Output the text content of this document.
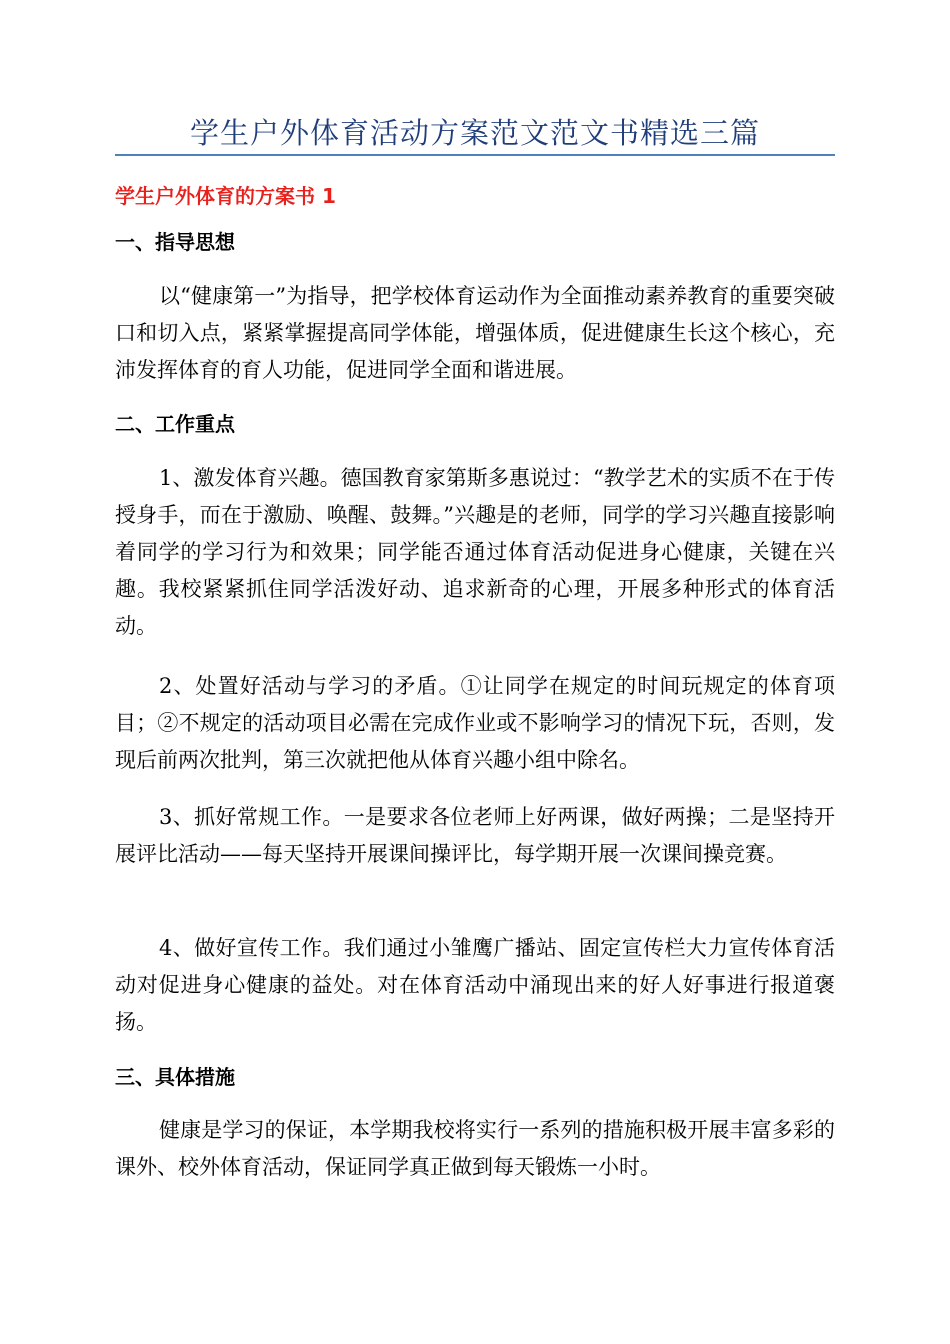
学生户外体育活动方案范文范文书精选三篇
学生户外体育的方案书 1
一、指导思想

以“健康第一”为指导，把学校体育运动作为全面推动素养教育的重要突破口和切入点，紧紧掌握提高同学体能，增强体质，促进健康生长这个核心，充沛发挥体育的育人功能，促进同学全面和谐进展。

二、工作重点

1、激发体育兴趣。德国教育家第斯多惠说过：“教学艺术的实质不在于传授身手，而在于激励、唤醒、鼓舞。”兴趣是的老师，同学的学习兴趣直接影响着同学的学习行为和效果；同学能否通过体育活动促进身心健康，关键在兴趣。我校紧紧抓住同学活泼好动、追求新奇的心理，开展多种形式的体育活动。

2、处置好活动与学习的矛盾。①让同学在规定的时间玩规定的体育项目；②不规定的活动项目必需在完成作业或不影响学习的情况下玩，否则，发现后前两次批判，第三次就把他从体育兴趣小组中除名。

3、抓好常规工作。一是要求各位老师上好两课，做好两操；二是坚持开展评比活动——每天坚持开展课间操评比，每学期开展一次课间操竞赛。

4、做好宣传工作。我们通过小雏鹰广播站、固定宣传栏大力宣传体育活动对促进身心健康的益处。对在体育活动中涌现出来的好人好事进行报道褒扬。

三、具体措施

健康是学习的保证，本学期我校将实行一系列的措施积极开展丰富多彩的课外、校外体育活动，保证同学真正做到每天锻炼一小时。
